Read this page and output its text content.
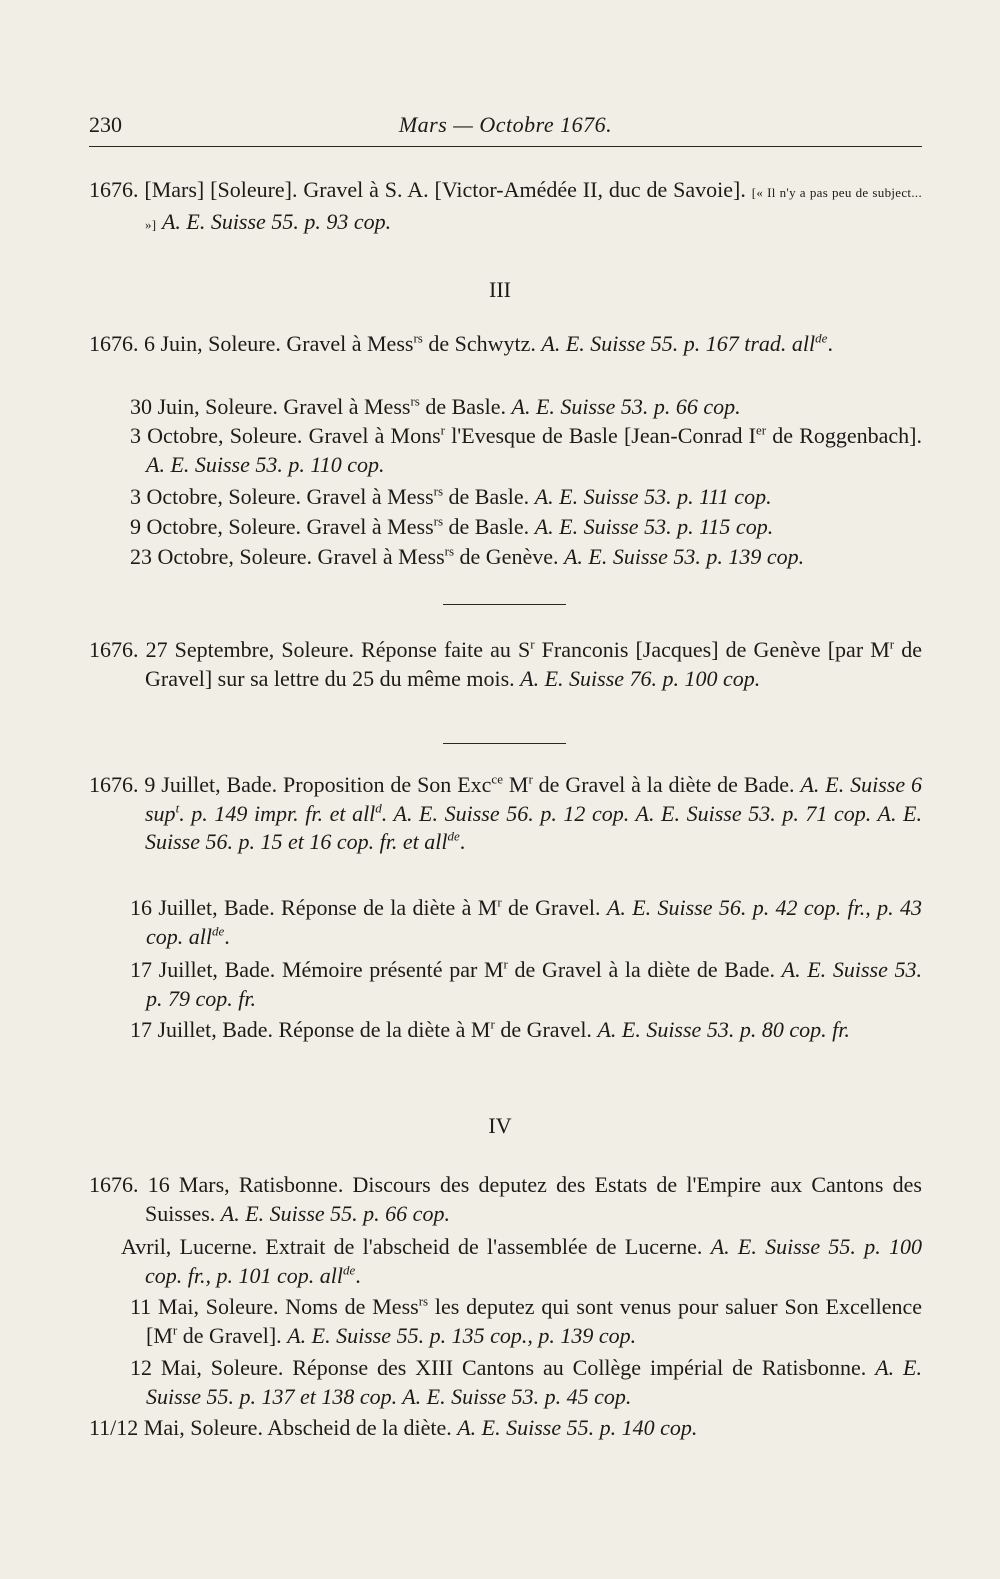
230	Mars — Octobre 1676.
1676. [Mars] [Soleure]. Gravel à S. A. [Victor-Amédée II, duc de Savoie]. [« Il n'y a pas peu de subject... »] A. E. Suisse 55. p. 93 cop.
III
1676. 6 Juin, Soleure. Gravel à Mess$^{rs}$ de Schwytz. A. E. Suisse 55. p. 167 trad. all$^{de}$.
30 Juin, Soleure. Gravel à Mess$^{rs}$ de Basle. A. E. Suisse 53. p. 66 cop.
3 Octobre, Soleure. Gravel à Mons$^r$ l'Evesque de Basle [Jean-Conrad Ier de Roggenbach]. A. E. Suisse 53. p. 110 cop.
3 Octobre, Soleure. Gravel à Mess$^{rs}$ de Basle. A. E. Suisse 53. p. 111 cop.
9 Octobre, Soleure. Gravel à Mess$^{rs}$ de Basle. A. E. Suisse 53. p. 115 cop.
23 Octobre, Soleure. Gravel à Mess$^{rs}$ de Genève. A. E. Suisse 53. p. 139 cop.
1676. 27 Septembre, Soleure. Réponse faite au $S^r$ Franconis [Jacques] de Genève [par $M^r$ de Gravel] sur sa lettre du 25 du même mois. A. E. Suisse 76. p. 100 cop.
1676. 9 Juillet, Bade. Proposition de Son Exc$^{ce}$ $M^r$ de Gravel à la diète de Bade. A. E. Suisse 6 sup$^t$. p. 149 impr. fr. et all$^d$. A. E. Suisse 56. p. 12 cop. A. E. Suisse 53. p. 71 cop. A. E. Suisse 56. p. 15 et 16 cop. fr. et all$^{de}$.
16 Juillet, Bade. Réponse de la diète à $M^r$ de Gravel. A. E. Suisse 56. p. 42 cop. fr., p. 43 cop. all$^{de}$.
17 Juillet, Bade. Mémoire présenté par $M^r$ de Gravel à la diète de Bade. A. E. Suisse 53. p. 79 cop. fr.
17 Juillet, Bade. Réponse de la diète à $M^r$ de Gravel. A. E. Suisse 53. p. 80 cop. fr.
IV
1676. 16 Mars, Ratisbonne. Discours des deputez des Estats de l'Empire aux Cantons des Suisses. A. E. Suisse 55. p. 66 cop.
Avril, Lucerne. Extrait de l'abscheid de l'assemblée de Lucerne. A. E. Suisse 55. p. 100 cop. fr., p. 101 cop. all$^{de}$.
11 Mai, Soleure. Noms de Mess$^{rs}$ les deputez qui sont venus pour saluer Son Excellence [$M^r$ de Gravel]. A. E. Suisse 55. p. 135 cop., p. 139 cop.
12 Mai, Soleure. Réponse des XIII Cantons au Collège impérial de Ratisbonne. A. E. Suisse 55. p. 137 et 138 cop. A. E. Suisse 53. p. 45 cop.
11/12 Mai, Soleure. Abscheid de la diète. A. E. Suisse 55. p. 140 cop.
